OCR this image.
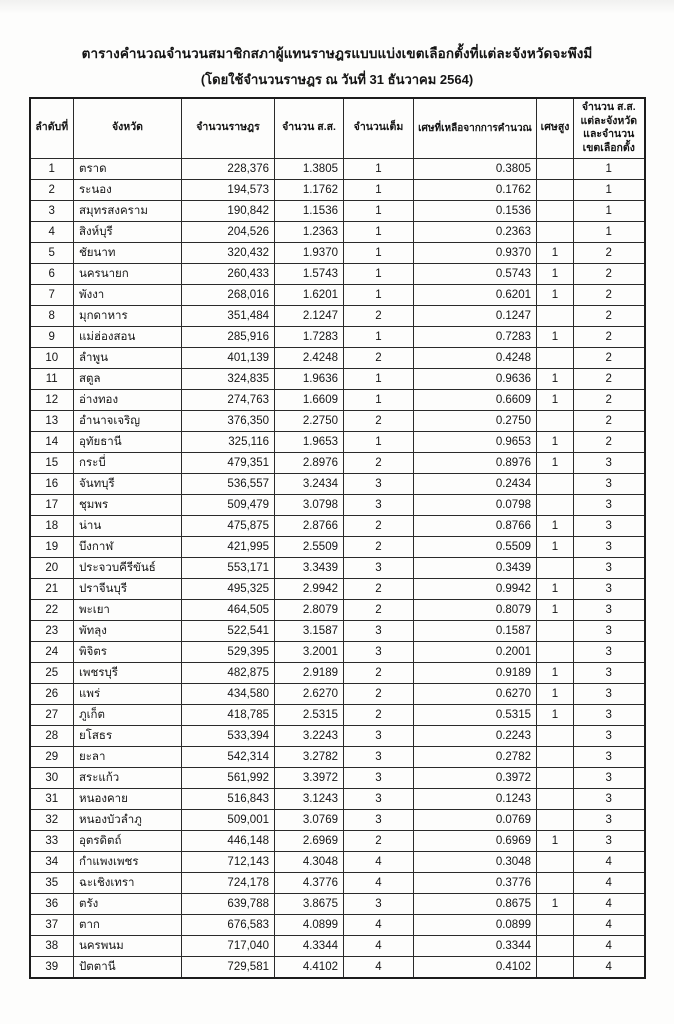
ตารางคำนวณจำนวนสมาชิกสภาผู้แทนราษฎรแบบแบ่งเขตเลือกตั้งที่แต่ละจังหวัดจะพึงมี
(โดยใช้จำนวนราษฎร ณ วันที่ 31 ธันวาคม 2564)
ลำดับที่	จังหวัด	จำนวนราษฎร	จำนวน ส.ส.	จำนวนเต็ม	เศษที่เหลือจากการคำนวณ	เศษสูง	จำนวน ส.ส. แต่ละจังหวัด และจำนวนเขตเลือกตั้ง
1	ตราด	228,376	1.3805	1	0.3805		1
2	ระนอง	194,573	1.1762	1	0.1762		1
3	สมุทรสงคราม	190,842	1.1536	1	0.1536		1
4	สิงห์บุรี	204,526	1.2363	1	0.2363		1
5	ชัยนาท	320,432	1.9370	1	0.9370	1	2
6	นครนายก	260,433	1.5743	1	0.5743	1	2
7	พังงา	268,016	1.6201	1	0.6201	1	2
8	มุกดาหาร	351,484	2.1247	2	0.1247		2
9	แม่ฮ่องสอน	285,916	1.7283	1	0.7283	1	2
10	ลำพูน	401,139	2.4248	2	0.4248		2
11	สตูล	324,835	1.9636	1	0.9636	1	2
12	อ่างทอง	274,763	1.6609	1	0.6609	1	2
13	อำนาจเจริญ	376,350	2.2750	2	0.2750		2
14	อุทัยธานี	325,116	1.9653	1	0.9653	1	2
15	กระบี่	479,351	2.8976	2	0.8976	1	3
16	จันทบุรี	536,557	3.2434	3	0.2434		3
17	ชุมพร	509,479	3.0798	3	0.0798		3
18	น่าน	475,875	2.8766	2	0.8766	1	3
19	บึงกาฬ	421,995	2.5509	2	0.5509	1	3
20	ประจวบคีรีขันธ์	553,171	3.3439	3	0.3439		3
21	ปราจีนบุรี	495,325	2.9942	2	0.9942	1	3
22	พะเยา	464,505	2.8079	2	0.8079	1	3
23	พัทลุง	522,541	3.1587	3	0.1587		3
24	พิจิตร	529,395	3.2001	3	0.2001		3
25	เพชรบุรี	482,875	2.9189	2	0.9189	1	3
26	แพร่	434,580	2.6270	2	0.6270	1	3
27	ภูเก็ต	418,785	2.5315	2	0.5315	1	3
28	ยโสธร	533,394	3.2243	3	0.2243		3
29	ยะลา	542,314	3.2782	3	0.2782		3
30	สระแก้ว	561,992	3.3972	3	0.3972		3
31	หนองคาย	516,843	3.1243	3	0.1243		3
32	หนองบัวลำภู	509,001	3.0769	3	0.0769		3
33	อุตรดิตถ์	446,148	2.6969	2	0.6969	1	3
34	กำแพงเพชร	712,143	4.3048	4	0.3048		4
35	ฉะเชิงเทรา	724,178	4.3776	4	0.3776		4
36	ตรัง	639,788	3.8675	3	0.8675	1	4
37	ตาก	676,583	4.0899	4	0.0899		4
38	นครพนม	717,040	4.3344	4	0.3344		4
39	ปัตตานี	729,581	4.4102	4	0.4102		4
